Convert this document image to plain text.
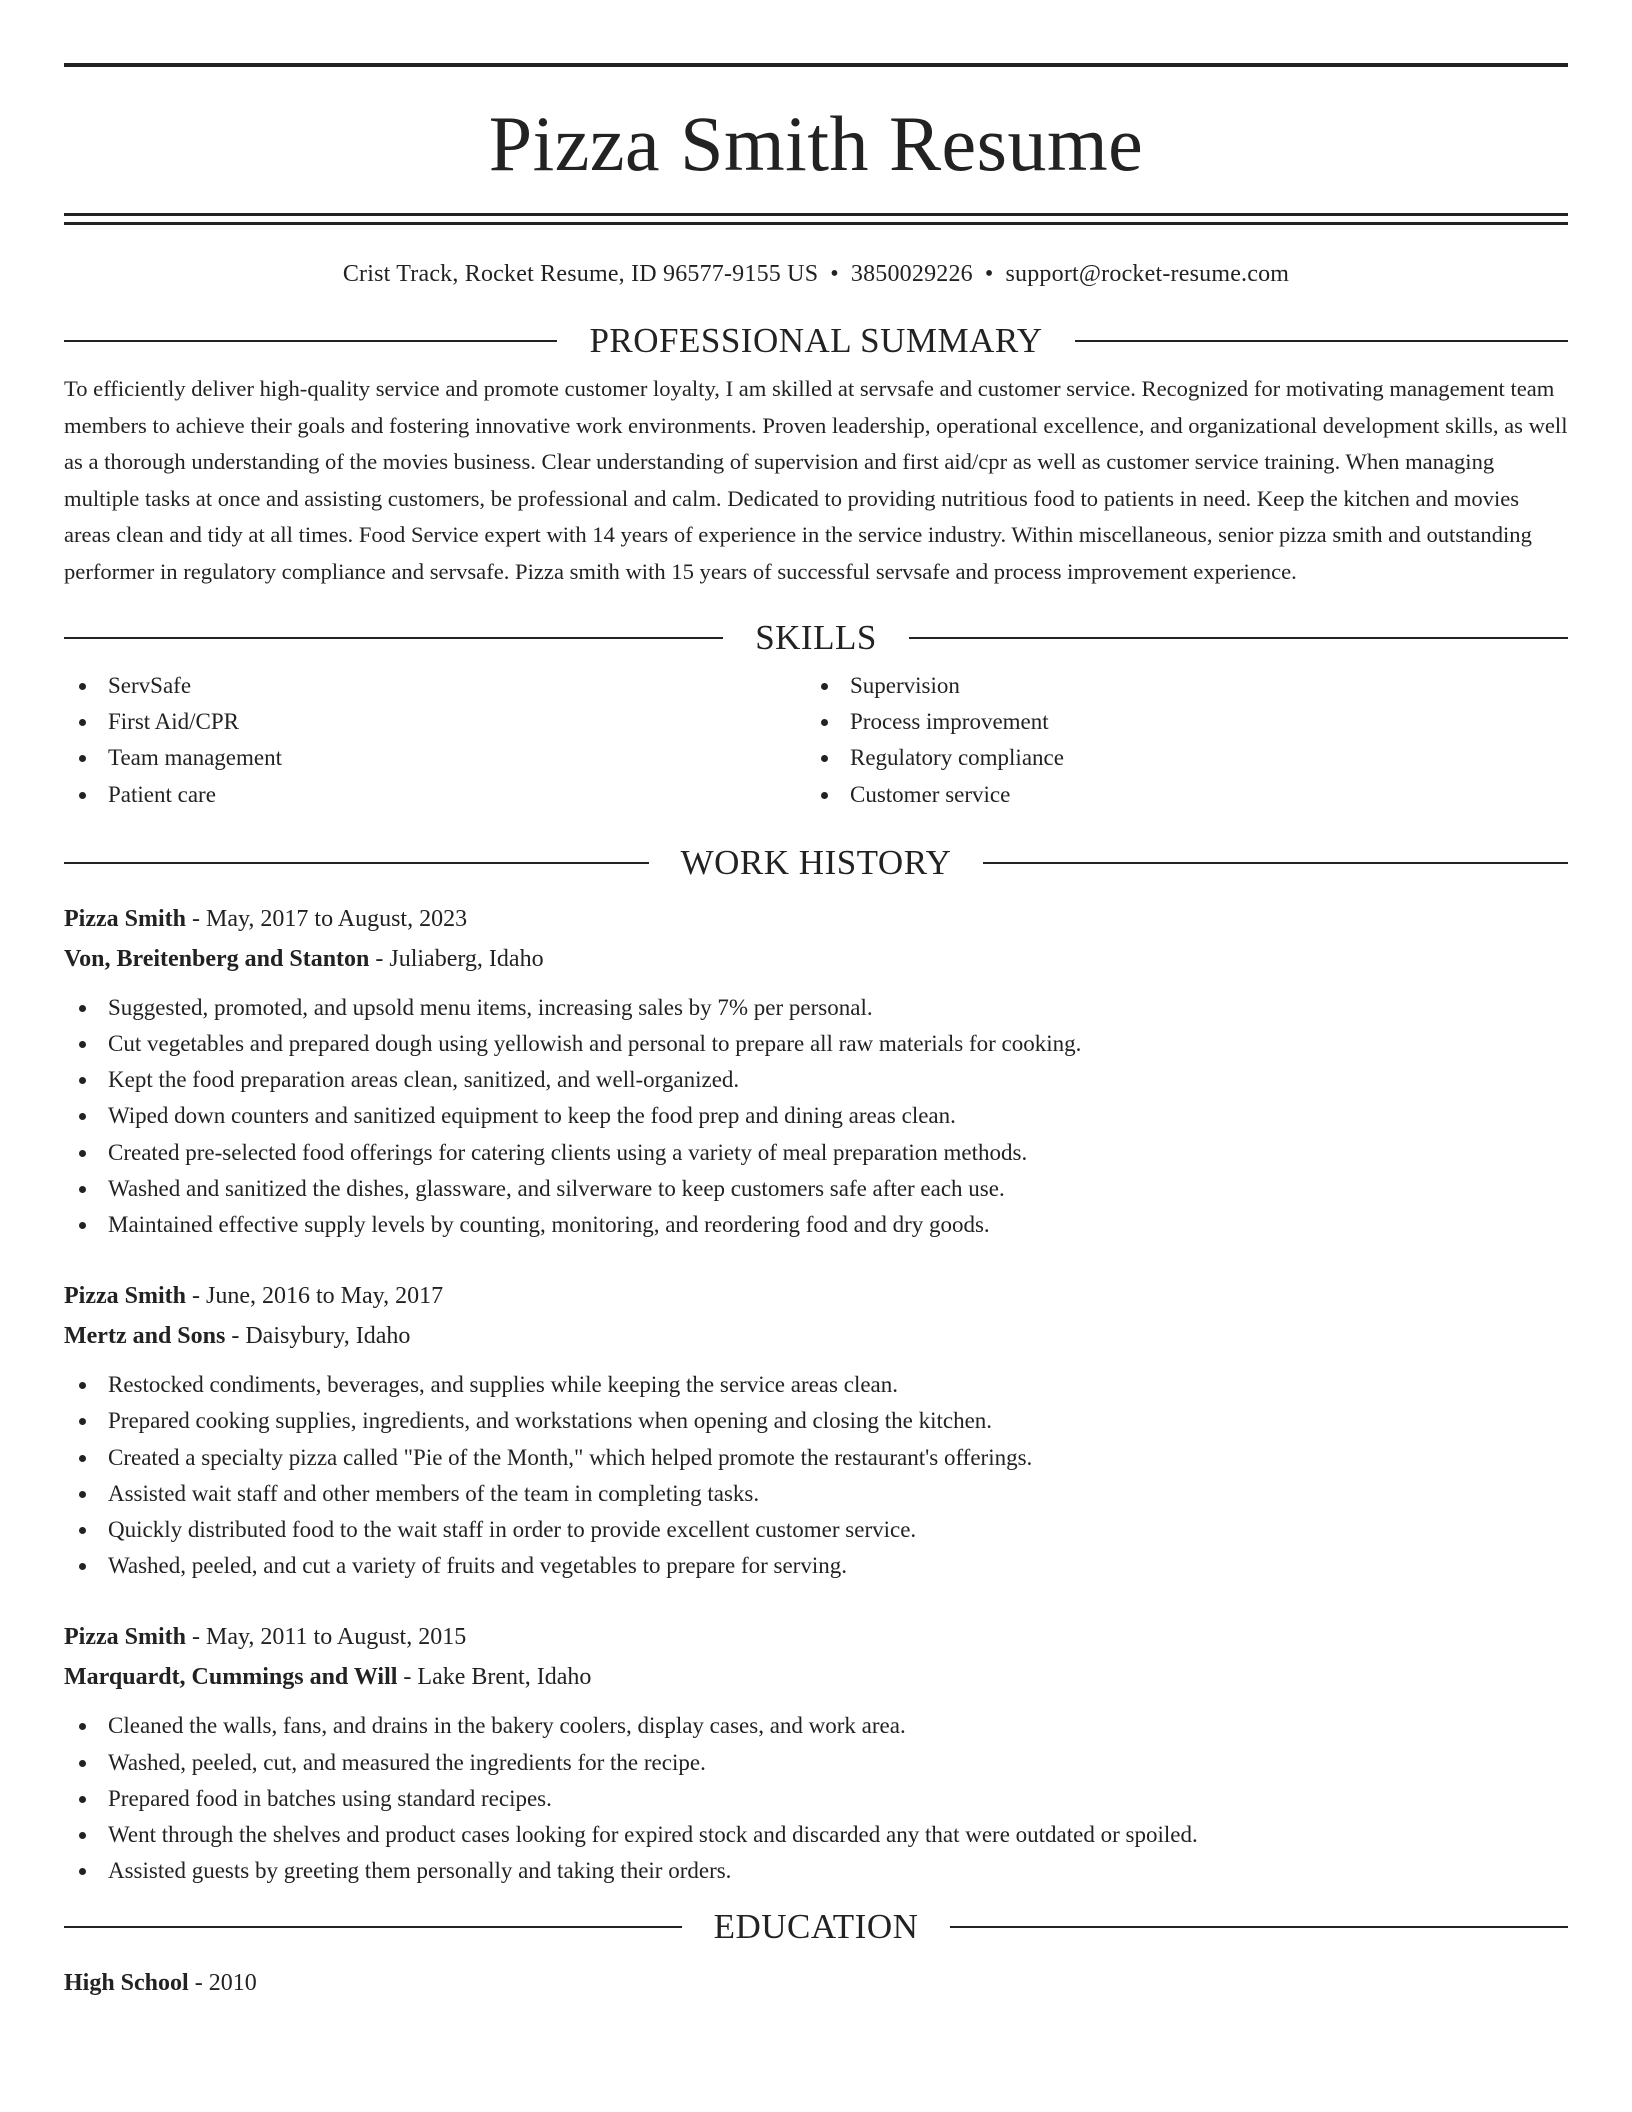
Pizza Smith Resume
Crist Track, Rocket Resume, ID 96577-9155 US • 3850029226 • support@rocket-resume.com
PROFESSIONAL SUMMARY

To efficiently deliver high-quality service and promote customer loyalty, I am skilled at servsafe and customer service. Recognized for motivating management team members to achieve their goals and fostering innovative work environments. Proven leadership, operational excellence, and organizational development skills, as well as a thorough understanding of the movies business. Clear understanding of supervision and first aid/cpr as well as customer service training. When managing multiple tasks at once and assisting customers, be professional and calm. Dedicated to providing nutritious food to patients in need. Keep the kitchen and movies areas clean and tidy at all times. Food Service expert with 14 years of experience in the service industry. Within miscellaneous, senior pizza smith and outstanding performer in regulatory compliance and servsafe. Pizza smith with 15 years of successful servsafe and process improvement experience.

SKILLS
ServSafe
First Aid/CPR
Team management
Patient care
Supervision
Process improvement
Regulatory compliance
Customer service
WORK HISTORY
Pizza Smith - May, 2017 to August, 2023
Von, Breitenberg and Stanton - Juliaberg, Idaho
Suggested, promoted, and upsold menu items, increasing sales by 7% per personal.
Cut vegetables and prepared dough using yellowish and personal to prepare all raw materials for cooking.
Kept the food preparation areas clean, sanitized, and well-organized.
Wiped down counters and sanitized equipment to keep the food prep and dining areas clean.
Created pre-selected food offerings for catering clients using a variety of meal preparation methods.
Washed and sanitized the dishes, glassware, and silverware to keep customers safe after each use.
Maintained effective supply levels by counting, monitoring, and reordering food and dry goods.
Pizza Smith - June, 2016 to May, 2017
Mertz and Sons - Daisybury, Idaho
Restocked condiments, beverages, and supplies while keeping the service areas clean.
Prepared cooking supplies, ingredients, and workstations when opening and closing the kitchen.
Created a specialty pizza called "Pie of the Month," which helped promote the restaurant's offerings.
Assisted wait staff and other members of the team in completing tasks.
Quickly distributed food to the wait staff in order to provide excellent customer service.
Washed, peeled, and cut a variety of fruits and vegetables to prepare for serving.
Pizza Smith - May, 2011 to August, 2015
Marquardt, Cummings and Will - Lake Brent, Idaho
Cleaned the walls, fans, and drains in the bakery coolers, display cases, and work area.
Washed, peeled, cut, and measured the ingredients for the recipe.
Prepared food in batches using standard recipes.
Went through the shelves and product cases looking for expired stock and discarded any that were outdated or spoiled.
Assisted guests by greeting them personally and taking their orders.
EDUCATION
High School - 2010
